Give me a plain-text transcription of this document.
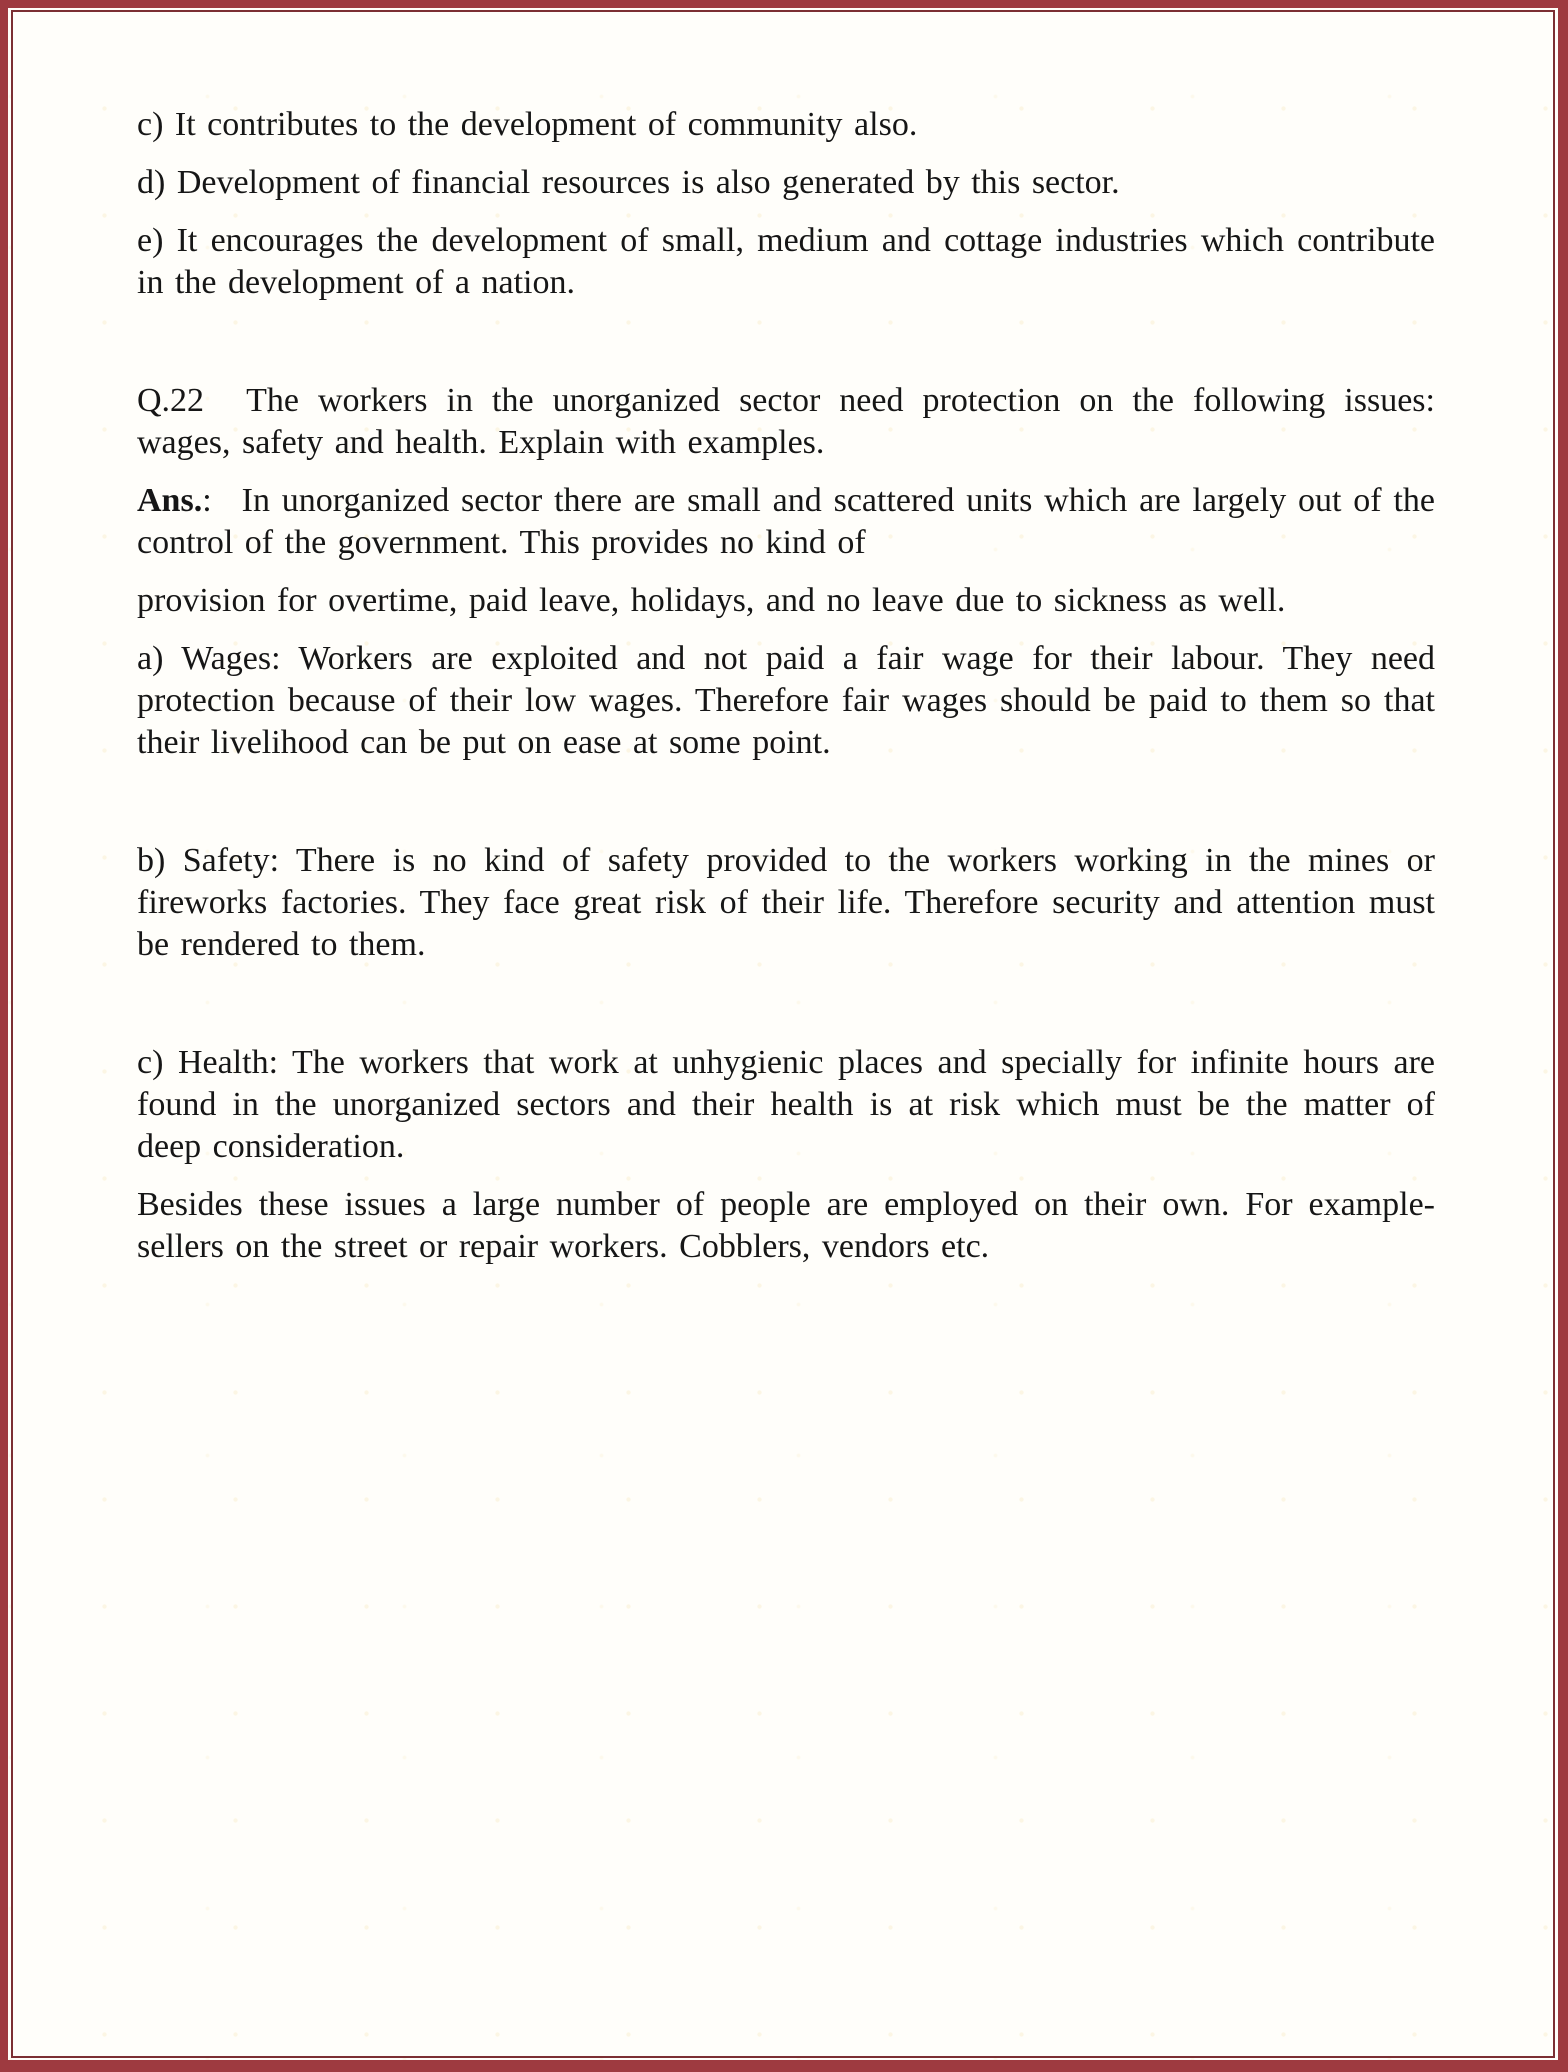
c) It contributes to the development of community also.

d) Development of financial resources is also generated by this sector.

e) It encourages the development of small, medium and cottage industries which contribute in the development of a nation.

Q.22 The workers in the unorganized sector need protection on the following issues: wages, safety and health. Explain with examples.

Ans.: In unorganized sector there are small and scattered units which are largely out of the control of the government. This provides no kind of

provision for overtime, paid leave, holidays, and no leave due to sickness as well.

a) Wages: Workers are exploited and not paid a fair wage for their labour. They need protection because of their low wages. Therefore fair wages should be paid to them so that their livelihood can be put on ease at some point.

b) Safety: There is no kind of safety provided to the workers working in the mines or fireworks factories. They face great risk of their life. Therefore security and attention must be rendered to them.

c) Health: The workers that work at unhygienic places and specially for infinite hours are found in the unorganized sectors and their health is at risk which must be the matter of deep consideration.

Besides these issues a large number of people are employed on their own. For example- sellers on the street or repair workers. Cobblers, vendors etc.
